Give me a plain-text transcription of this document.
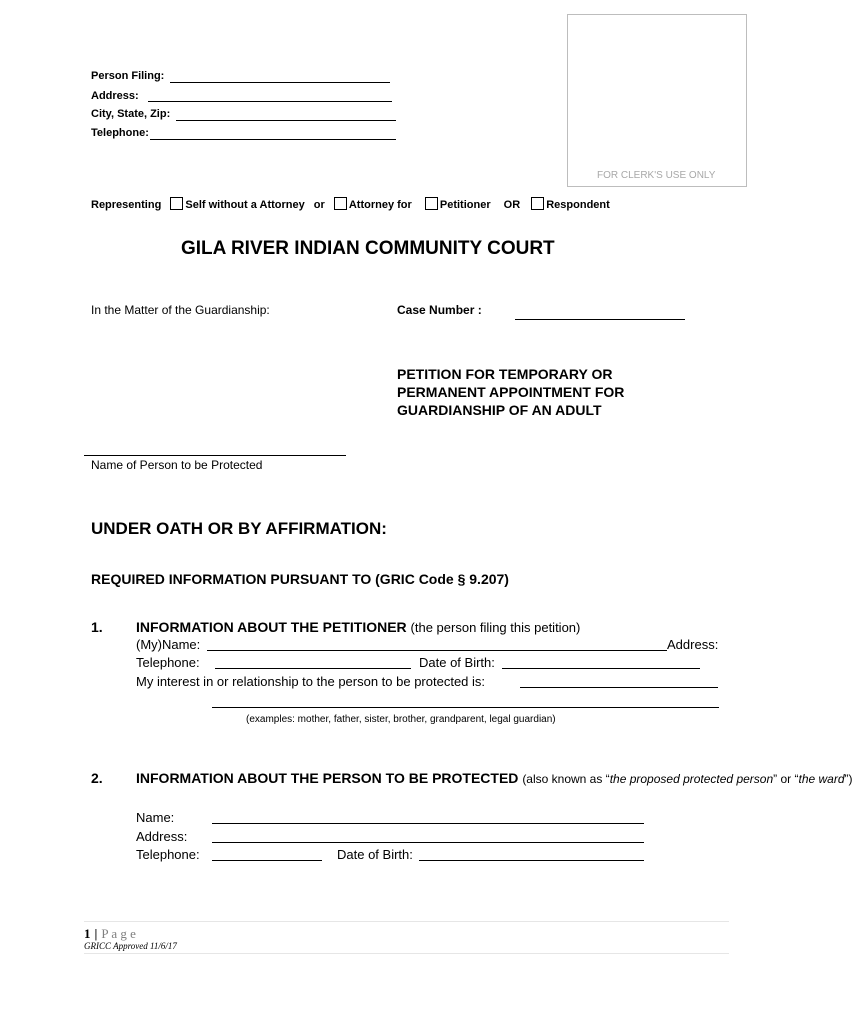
FOR CLERK'S USE ONLY
Person Filing:
Address:
City, State, Zip:
Telephone:
Representing Self without a Attorney or Attorney for	Petitioner OR Respondent
GILA RIVER INDIAN COMMUNITY COURT
In the Matter of the Guardianship:	Case Number :
PETITION FOR TEMPORARY OR
PERMANENT APPOINTMENT FOR
GUARDIANSHIP OF AN ADULT
Name of Person to be Protected
UNDER OATH OR BY AFFIRMATION:
REQUIRED INFORMATION PURSUANT TO (GRIC Code § 9.207)
1. INFORMATION ABOUT THE PETITIONER (the person filing this petition)
(My)Name:	Address:
Telephone:	Date of Birth:
My interest in or relationship to the person to be protected is:
(examples: mother, father, sister, brother, grandparent, legal guardian)
2. INFORMATION ABOUT THE PERSON TO BE PROTECTED (also known as “the proposed protected person” or “the ward”)
Name:
Address:
Telephone:	Date of Birth:
1 | P a g e
GRICC Approved 11/6/17
